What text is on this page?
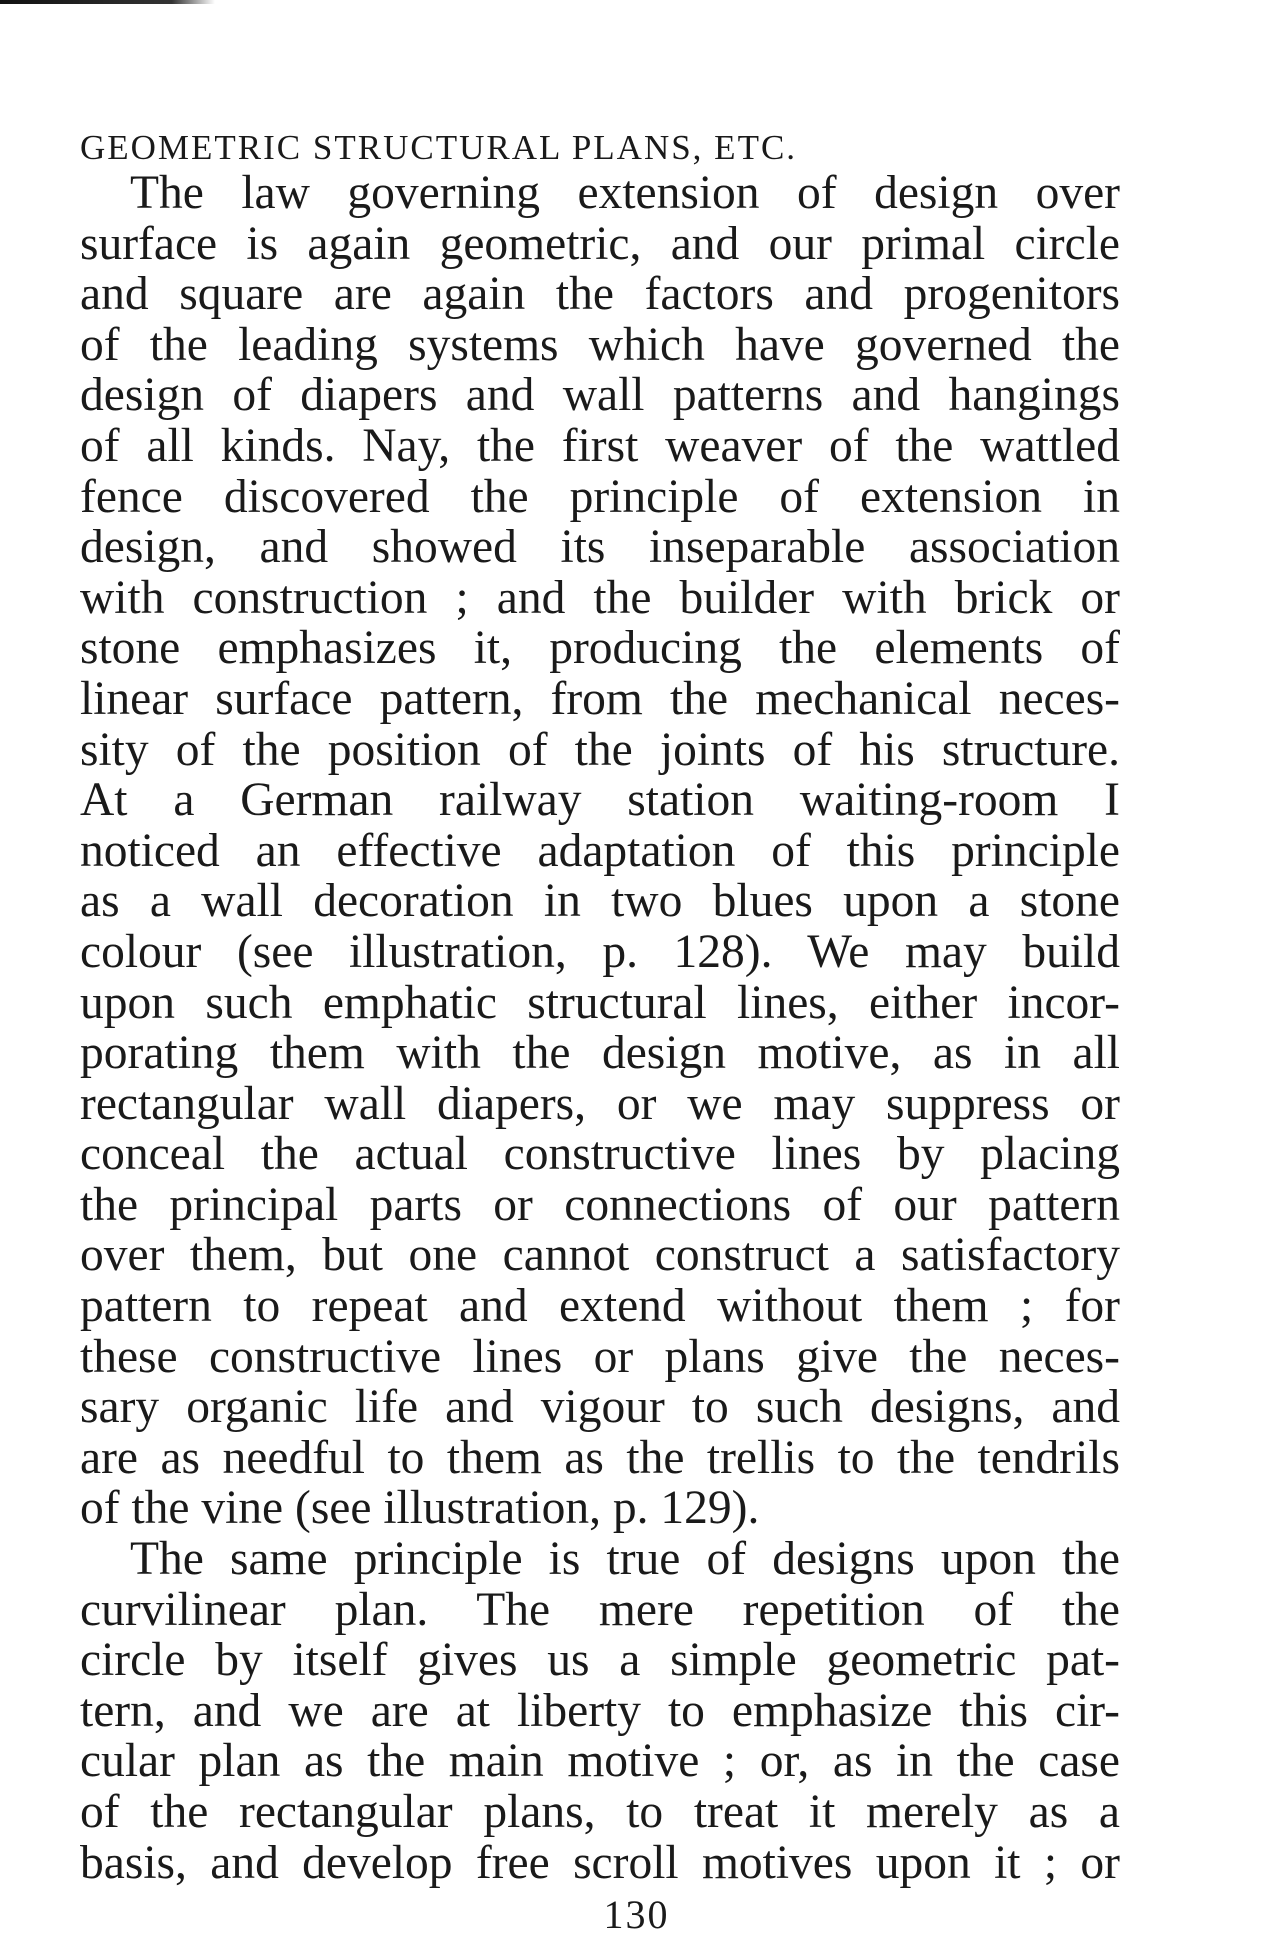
GEOMETRIC STRUCTURAL PLANS, ETC.

The law governing extension of design over
surface is again geometric, and our primal circle
and square are again the factors and progenitors
of the leading systems which have governed the
design of diapers and wall patterns and hangings
of all kinds. Nay, the first weaver of the wattled
fence discovered the principle of extension in
design, and showed its inseparable association
with construction ; and the builder with brick or
stone emphasizes it, producing the elements of
linear surface pattern, from the mechanical neces-
sity of the position of the joints of his structure.
At a German railway station waiting-room I
noticed an effective adaptation of this principle
as a wall decoration in two blues upon a stone
colour (see illustration, p. 128). We may build
upon such emphatic structural lines, either incor-
porating them with the design motive, as in all
rectangular wall diapers, or we may suppress or
conceal the actual constructive lines by placing
the principal parts or connections of our pattern
over them, but one cannot construct a satisfactory
pattern to repeat and extend without them ; for
these constructive lines or plans give the neces-
sary organic life and vigour to such designs, and
are as needful to them as the trellis to the tendrils
of the vine (see illustration, p. 129).
The same principle is true of designs upon the
curvilinear plan. The mere repetition of the
circle by itself gives us a simple geometric pat-
tern, and we are at liberty to emphasize this cir-
cular plan as the main motive ; or, as in the case
of the rectangular plans, to treat it merely as a
basis, and develop free scroll motives upon it ; or
130
